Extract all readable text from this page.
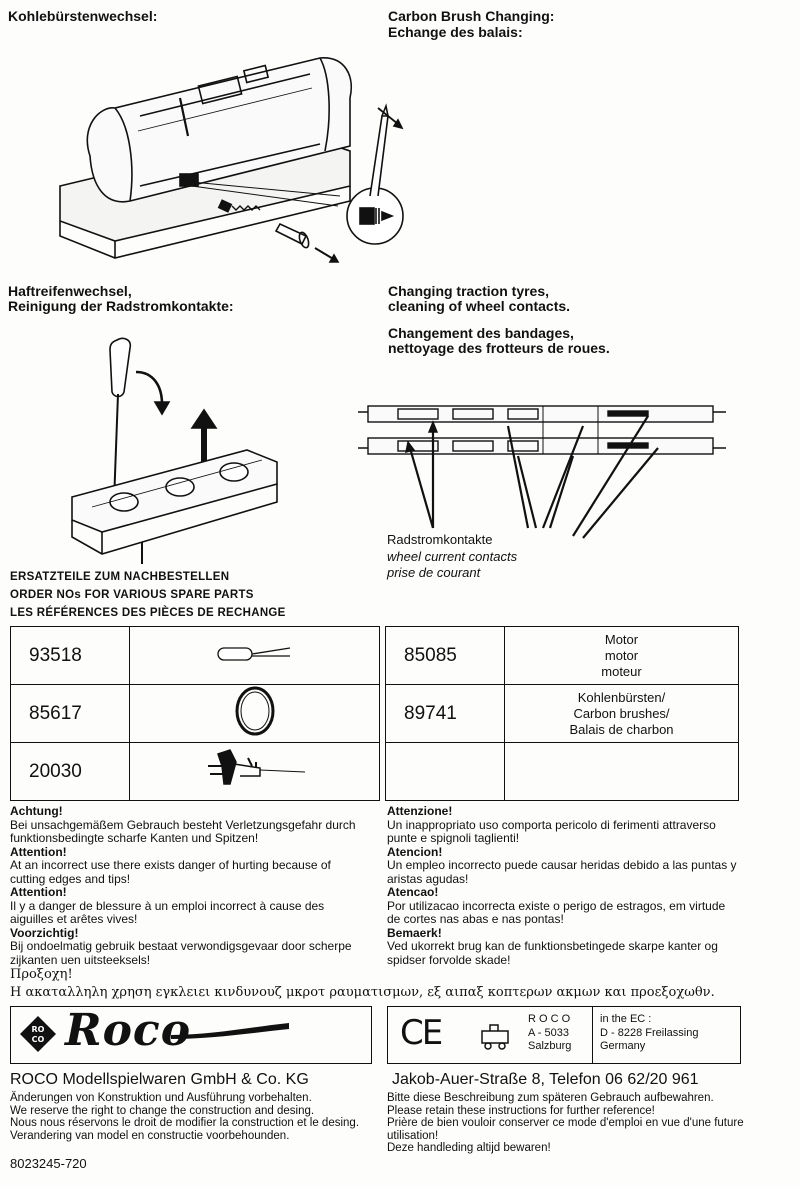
Kohlebürstenwechsel:	Carbon Brush Changing:
Echange des balais:
Haftreifenwechsel,
Reinigung der Radstromkontakte:
Changing traction tyres,
cleaning of wheel contacts.
Changement des bandages,
nettoyage des frotteurs de roues.
Radstromkontakte
wheel current contacts
prise de courant
ERSATZTEILE ZUM NACHBESTELLEN
ORDER NOs FOR VARIOUS SPARE PARTS
LES RÉFÉRENCES DES PIÈCES DE RECHANGE
93518	
85617	
20030	
85085	Motor
motor
moteur

89741	Kohlenbürsten/
Carbon brushes/
Balais de charbon

Achtung!
Bei unsachgemäßem Gebrauch besteht Verletzungsgefahr durch funktionsbedingte scharfe Kanten und Spitzen!
Attention!
At an incorrect use there exists danger of hurting because of cutting edges and tips!
Attention!
Il y a danger de blessure à un emploi incorrect à cause des aiguilles et arêtes vives!
Voorzichtig!
Bij ondoelmatig gebruik bestaat verwondigsgevaar door scherpe zijkanten uen uitsteeksels!
Attenzione!
Un inappropriato uso comporta pericolo di ferimenti attraverso punte e spignoli taglienti!
Atencion!
Un empleo incorrecto puede causar heridas debido a las puntas y aristas agudas!
Atencao!
Por utilizacao incorrecta existe o perigo de estragos, em virtude de cortes nas abas e nas pontas!
Bemaerk!
Ved ukorrekt brug kan de funktionsbetingede skarpe kanter og spidser forvolde skade!
Προξοχη!
Η ακαταλληλη χρηση εγκλειει κινδυνουζ μκροτ ραυματισμων, εξ αιπαξ κοπτερων ακμων και προεξοχωθν.
RO
CO Roco	CE	R O C O
A - 5033
Salzburg
in the EC :
D - 8228 Freilassing
Germany
ROCO Modellspielwaren GmbH & Co. KG	Jakob-Auer-Straße 8, Telefon 06 62/20 961
Änderungen von Konstruktion und Ausführung vorbehalten.
We reserve the right to change the construction and desing.
Nous nous réservons le droit de modifier la construction et le desing.
Verandering van model en constructie voorbehounden.
8023245-720
Bitte diese Beschreibung zum späteren Gebrauch aufbewahren.
Please retain these instructions for further reference!
Prière de bien vouloir conserver ce mode d'emploi en vue d'une future utilisation!
Deze handleding altijd bewaren!
